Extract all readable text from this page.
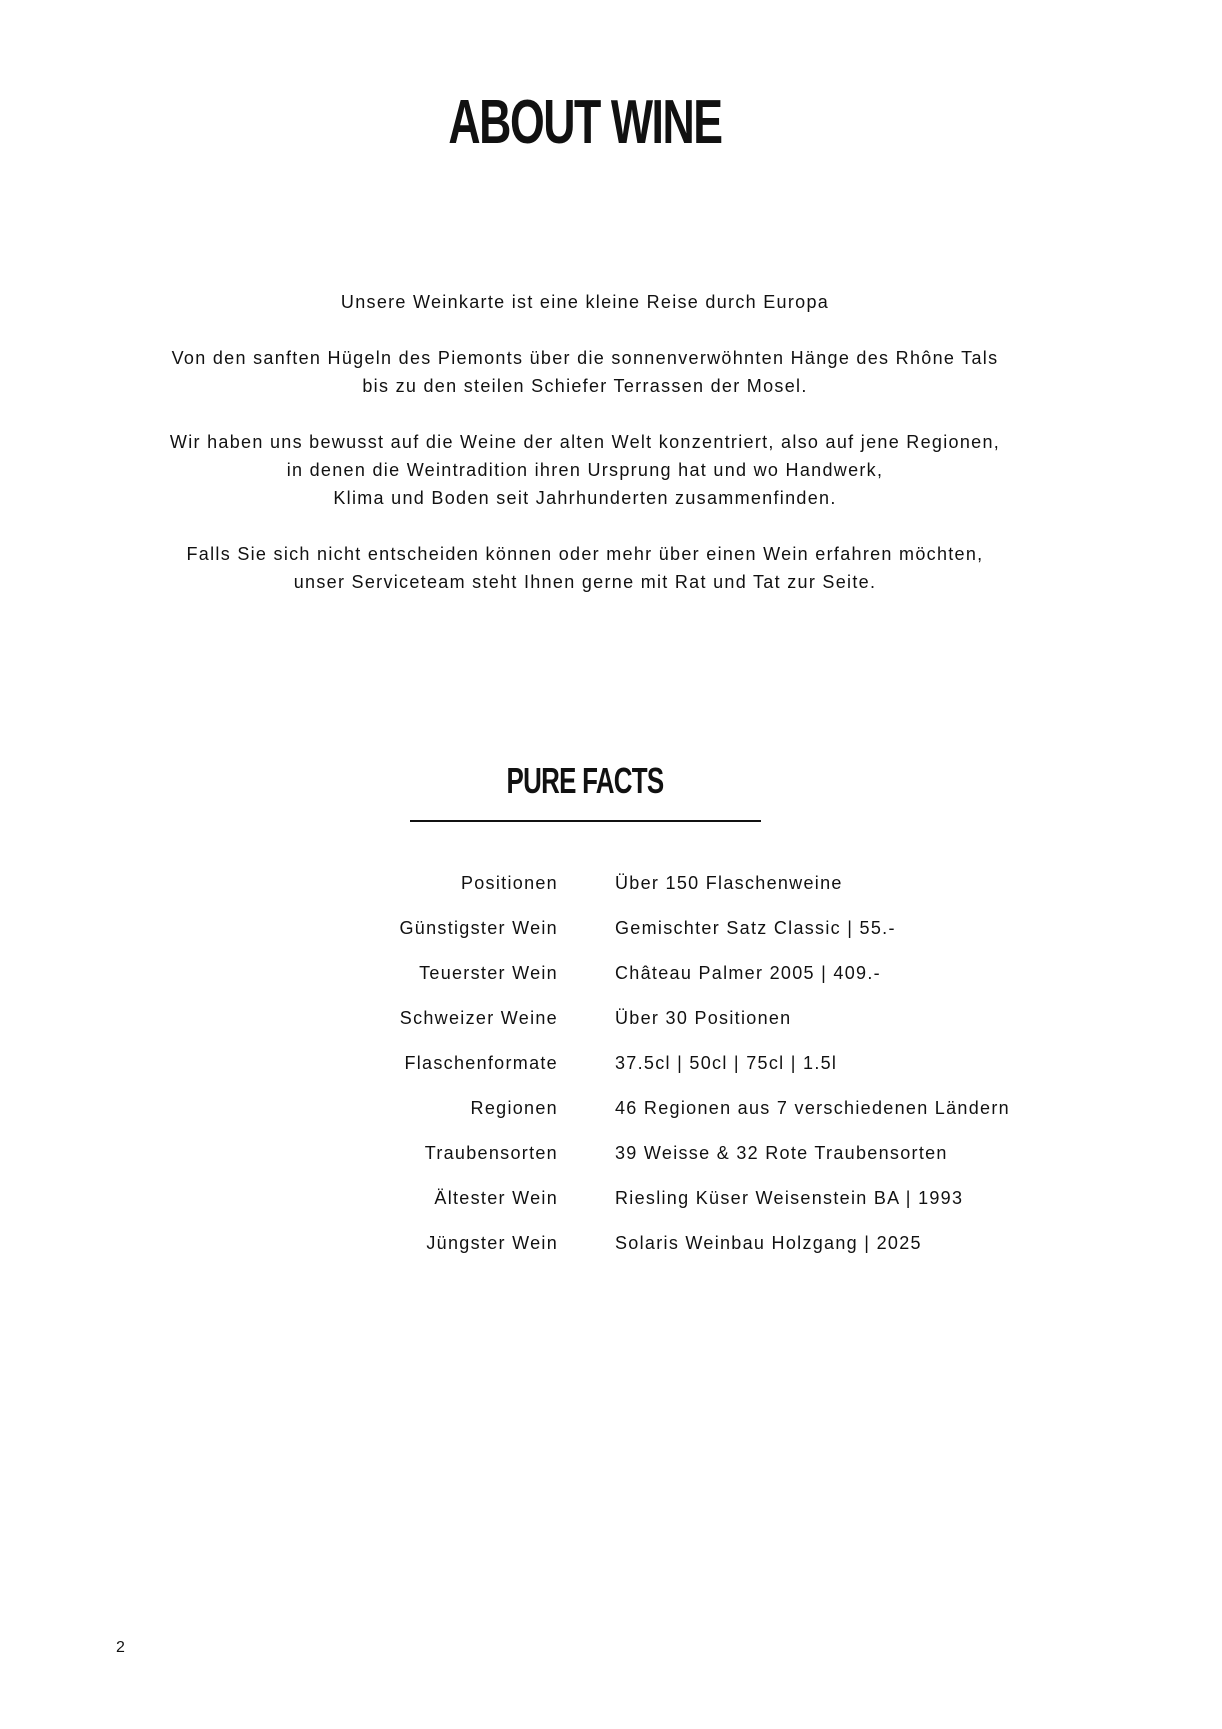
ABOUT WINE

Unsere Weinkarte ist eine kleine Reise durch Europa

Von den sanften Hügeln des Piemonts über die sonnenverwöhnten Hänge des Rhône Tals
bis zu den steilen Schiefer Terrassen der Mosel.

Wir haben uns bewusst auf die Weine der alten Welt konzentriert, also auf jene Regionen,
in denen die Weintradition ihren Ursprung hat und wo Handwerk,
Klima und Boden seit Jahrhunderten zusammenfinden.

Falls Sie sich nicht entscheiden können oder mehr über einen Wein erfahren möchten,
unser Serviceteam steht Ihnen gerne mit Rat und Tat zur Seite.

PURE FACTS
Positionen	Über 150 Flaschenweine
Günstigster Wein	Gemischter Satz Classic | 55.-
Teuerster Wein	Château Palmer 2005 | 409.-
Schweizer Weine	Über 30 Positionen
Flaschenformate	37.5cl | 50cl | 75cl | 1.5l
Regionen	46 Regionen aus 7 verschiedenen Ländern
Traubensorten	39 Weisse & 32 Rote Traubensorten
Ältester Wein	Riesling Küser Weisenstein BA | 1993
Jüngster Wein	Solaris Weinbau Holzgang | 2025
2
